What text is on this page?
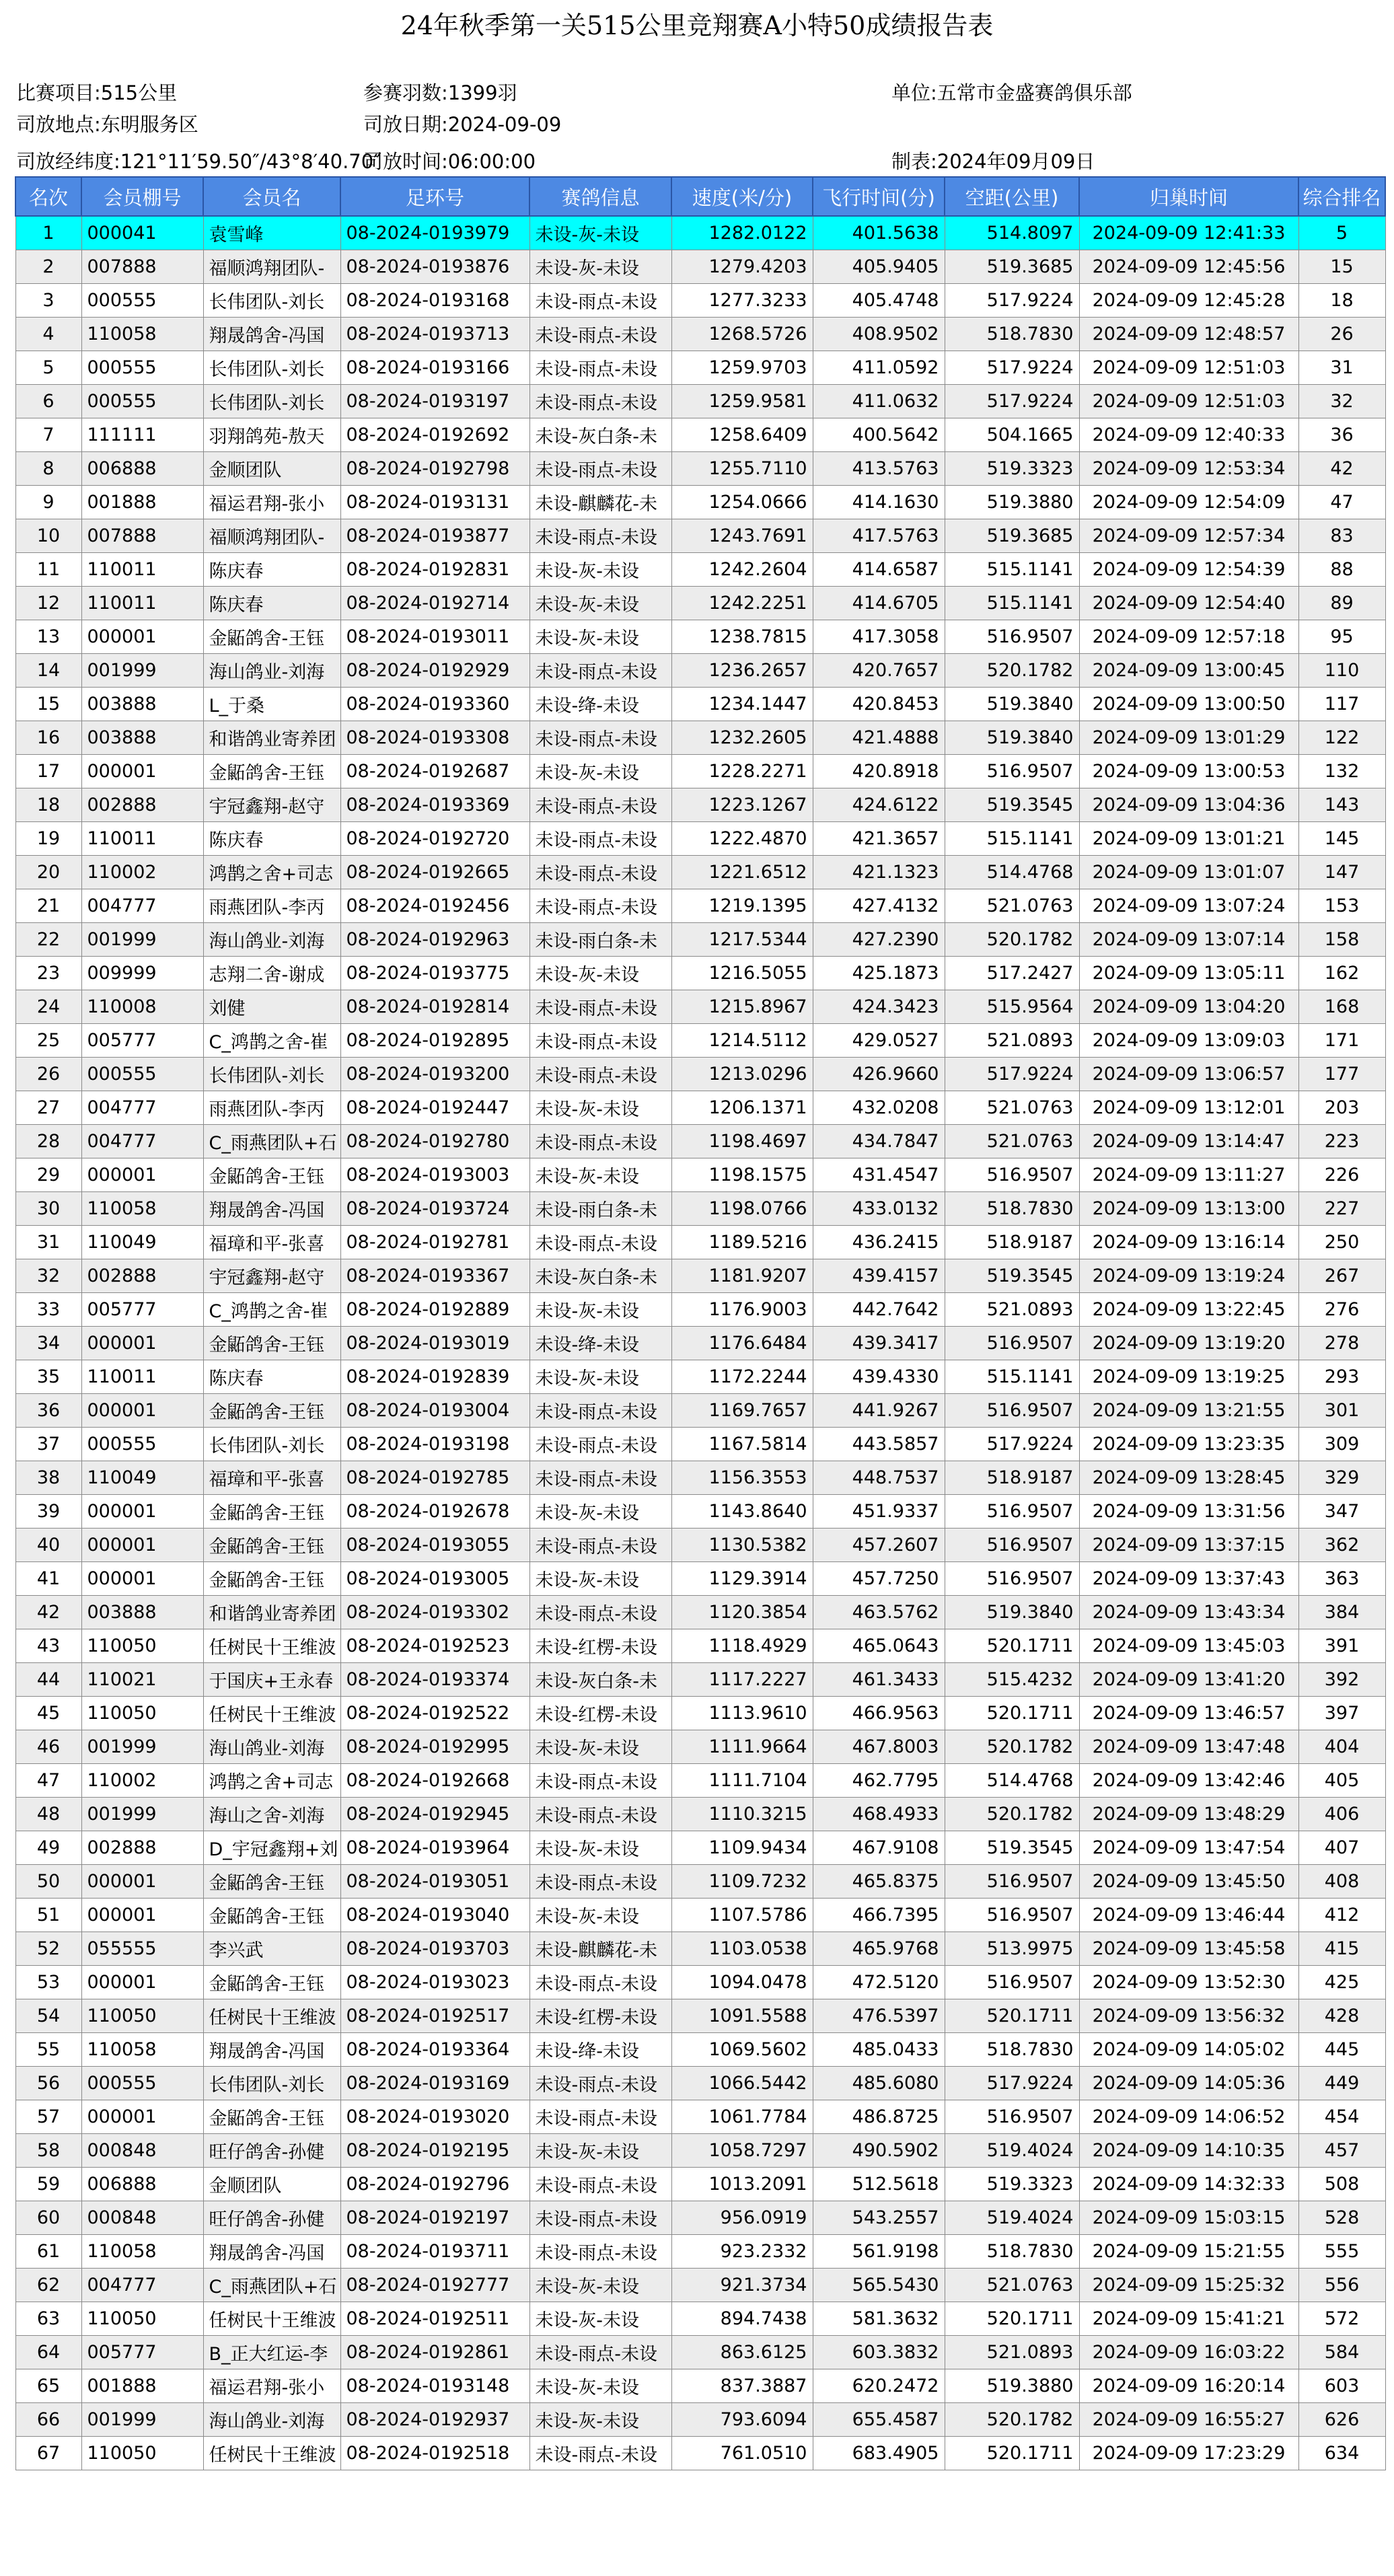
24年秋季第一关515公里竞翔赛A小特50成绩报告表
比赛项目:515公里	参赛羽数:1399羽	单位:五常市金盛赛鸽俱乐部
司放地点:东明服务区	司放日期:2024-09-09
司放经纬度:121°11′59.50″/43°8′40.70″
司放时间:06:00:00	制表:2024年09月09日
名次	会员棚号	会员名	足环号	赛鸽信息	速度(米/分)	飞行时间(分)	空距(公里)	归巢时间	综合排名
1	000041	袁雪峰	08-2024-0193979	未设-灰-未设	1282.0122	401.5638	514.8097	2024-09-09 12:41:33	5
2	007888	福顺鸿翔团队-	08-2024-0193876	未设-灰-未设	1279.4203	405.9405	519.3685	2024-09-09 12:45:56	15
3	000555	长伟团队-刘长	08-2024-0193168	未设-雨点-未设	1277.3233	405.4748	517.9224	2024-09-09 12:45:28	18
4	110058	翔晟鸽舍-冯国	08-2024-0193713	未设-雨点-未设	1268.5726	408.9502	518.7830	2024-09-09 12:48:57	26
5	000555	长伟团队-刘长	08-2024-0193166	未设-雨点-未设	1259.9703	411.0592	517.9224	2024-09-09 12:51:03	31
6	000555	长伟团队-刘长	08-2024-0193197	未设-雨点-未设	1259.9581	411.0632	517.9224	2024-09-09 12:51:03	32
7	111111	羽翔鸽苑-敖天	08-2024-0192692	未设-灰白条-未	1258.6409	400.5642	504.1665	2024-09-09 12:40:33	36
8	006888	金顺团队	08-2024-0192798	未设-雨点-未设	1255.7110	413.5763	519.3323	2024-09-09 12:53:34	42
9	001888	福运君翔-张小	08-2024-0193131	未设-麒麟花-未	1254.0666	414.1630	519.3880	2024-09-09 12:54:09	47
10	007888	福顺鸿翔团队-	08-2024-0193877	未设-雨点-未设	1243.7691	417.5763	519.3685	2024-09-09 12:57:34	83
11	110011	陈庆春	08-2024-0192831	未设-灰-未设	1242.2604	414.6587	515.1141	2024-09-09 12:54:39	88
12	110011	陈庆春	08-2024-0192714	未设-灰-未设	1242.2251	414.6705	515.1141	2024-09-09 12:54:40	89
13	000001	金鼫鸽舍-王钰	08-2024-0193011	未设-灰-未设	1238.7815	417.3058	516.9507	2024-09-09 12:57:18	95
14	001999	海山鸽业-刘海	08-2024-0192929	未设-雨点-未设	1236.2657	420.7657	520.1782	2024-09-09 13:00:45	110
15	003888	L_于桑	08-2024-0193360	未设-绛-未设	1234.1447	420.8453	519.3840	2024-09-09 13:00:50	117
16	003888	和谐鸽业寄养团	08-2024-0193308	未设-雨点-未设	1232.2605	421.4888	519.3840	2024-09-09 13:01:29	122
17	000001	金鼫鸽舍-王钰	08-2024-0192687	未设-灰-未设	1228.2271	420.8918	516.9507	2024-09-09 13:00:53	132
18	002888	宇冠鑫翔-赵守	08-2024-0193369	未设-雨点-未设	1223.1267	424.6122	519.3545	2024-09-09 13:04:36	143
19	110011	陈庆春	08-2024-0192720	未设-雨点-未设	1222.4870	421.3657	515.1141	2024-09-09 13:01:21	145
20	110002	鸿鹊之舍+司志	08-2024-0192665	未设-雨点-未设	1221.6512	421.1323	514.4768	2024-09-09 13:01:07	147
21	004777	雨燕团队-李丙	08-2024-0192456	未设-雨点-未设	1219.1395	427.4132	521.0763	2024-09-09 13:07:24	153
22	001999	海山鸽业-刘海	08-2024-0192963	未设-雨白条-未	1217.5344	427.2390	520.1782	2024-09-09 13:07:14	158
23	009999	志翔二舍-谢成	08-2024-0193775	未设-灰-未设	1216.5055	425.1873	517.2427	2024-09-09 13:05:11	162
24	110008	刘健	08-2024-0192814	未设-雨点-未设	1215.8967	424.3423	515.9564	2024-09-09 13:04:20	168
25	005777	C_鸿鹊之舍-崔	08-2024-0192895	未设-雨点-未设	1214.5112	429.0527	521.0893	2024-09-09 13:09:03	171
26	000555	长伟团队-刘长	08-2024-0193200	未设-雨点-未设	1213.0296	426.9660	517.9224	2024-09-09 13:06:57	177
27	004777	雨燕团队-李丙	08-2024-0192447	未设-灰-未设	1206.1371	432.0208	521.0763	2024-09-09 13:12:01	203
28	004777	C_雨燕团队+石	08-2024-0192780	未设-雨点-未设	1198.4697	434.7847	521.0763	2024-09-09 13:14:47	223
29	000001	金鼫鸽舍-王钰	08-2024-0193003	未设-灰-未设	1198.1575	431.4547	516.9507	2024-09-09 13:11:27	226
30	110058	翔晟鸽舍-冯国	08-2024-0193724	未设-雨白条-未	1198.0766	433.0132	518.7830	2024-09-09 13:13:00	227
31	110049	福璋和平-张喜	08-2024-0192781	未设-雨点-未设	1189.5216	436.2415	518.9187	2024-09-09 13:16:14	250
32	002888	宇冠鑫翔-赵守	08-2024-0193367	未设-灰白条-未	1181.9207	439.4157	519.3545	2024-09-09 13:19:24	267
33	005777	C_鸿鹊之舍-崔	08-2024-0192889	未设-灰-未设	1176.9003	442.7642	521.0893	2024-09-09 13:22:45	276
34	000001	金鼫鸽舍-王钰	08-2024-0193019	未设-绛-未设	1176.6484	439.3417	516.9507	2024-09-09 13:19:20	278
35	110011	陈庆春	08-2024-0192839	未设-灰-未设	1172.2244	439.4330	515.1141	2024-09-09 13:19:25	293
36	000001	金鼫鸽舍-王钰	08-2024-0193004	未设-雨点-未设	1169.7657	441.9267	516.9507	2024-09-09 13:21:55	301
37	000555	长伟团队-刘长	08-2024-0193198	未设-雨点-未设	1167.5814	443.5857	517.9224	2024-09-09 13:23:35	309
38	110049	福璋和平-张喜	08-2024-0192785	未设-雨点-未设	1156.3553	448.7537	518.9187	2024-09-09 13:28:45	329
39	000001	金鼫鸽舍-王钰	08-2024-0192678	未设-灰-未设	1143.8640	451.9337	516.9507	2024-09-09 13:31:56	347
40	000001	金鼫鸽舍-王钰	08-2024-0193055	未设-雨点-未设	1130.5382	457.2607	516.9507	2024-09-09 13:37:15	362
41	000001	金鼫鸽舍-王钰	08-2024-0193005	未设-灰-未设	1129.3914	457.7250	516.9507	2024-09-09 13:37:43	363
42	003888	和谐鸽业寄养团	08-2024-0193302	未设-雨点-未设	1120.3854	463.5762	519.3840	2024-09-09 13:43:34	384
43	110050	任树民十王维波	08-2024-0192523	未设-红楞-未设	1118.4929	465.0643	520.1711	2024-09-09 13:45:03	391
44	110021	于国庆+王永春	08-2024-0193374	未设-灰白条-未	1117.2227	461.3433	515.4232	2024-09-09 13:41:20	392
45	110050	任树民十王维波	08-2024-0192522	未设-红楞-未设	1113.9610	466.9563	520.1711	2024-09-09 13:46:57	397
46	001999	海山鸽业-刘海	08-2024-0192995	未设-灰-未设	1111.9664	467.8003	520.1782	2024-09-09 13:47:48	404
47	110002	鸿鹊之舍+司志	08-2024-0192668	未设-雨点-未设	1111.7104	462.7795	514.4768	2024-09-09 13:42:46	405
48	001999	海山之舍-刘海	08-2024-0192945	未设-雨点-未设	1110.3215	468.4933	520.1782	2024-09-09 13:48:29	406
49	002888	D_宇冠鑫翔+刘	08-2024-0193964	未设-灰-未设	1109.9434	467.9108	519.3545	2024-09-09 13:47:54	407
50	000001	金鼫鸽舍-王钰	08-2024-0193051	未设-雨点-未设	1109.7232	465.8375	516.9507	2024-09-09 13:45:50	408
51	000001	金鼫鸽舍-王钰	08-2024-0193040	未设-灰-未设	1107.5786	466.7395	516.9507	2024-09-09 13:46:44	412
52	055555	李兴武	08-2024-0193703	未设-麒麟花-未	1103.0538	465.9768	513.9975	2024-09-09 13:45:58	415
53	000001	金鼫鸽舍-王钰	08-2024-0193023	未设-雨点-未设	1094.0478	472.5120	516.9507	2024-09-09 13:52:30	425
54	110050	任树民十王维波	08-2024-0192517	未设-红楞-未设	1091.5588	476.5397	520.1711	2024-09-09 13:56:32	428
55	110058	翔晟鸽舍-冯国	08-2024-0193364	未设-绛-未设	1069.5602	485.0433	518.7830	2024-09-09 14:05:02	445
56	000555	长伟团队-刘长	08-2024-0193169	未设-雨点-未设	1066.5442	485.6080	517.9224	2024-09-09 14:05:36	449
57	000001	金鼫鸽舍-王钰	08-2024-0193020	未设-雨点-未设	1061.7784	486.8725	516.9507	2024-09-09 14:06:52	454
58	000848	旺仔鸽舍-孙健	08-2024-0192195	未设-灰-未设	1058.7297	490.5902	519.4024	2024-09-09 14:10:35	457
59	006888	金顺团队	08-2024-0192796	未设-雨点-未设	1013.2091	512.5618	519.3323	2024-09-09 14:32:33	508
60	000848	旺仔鸽舍-孙健	08-2024-0192197	未设-雨点-未设	956.0919	543.2557	519.4024	2024-09-09 15:03:15	528
61	110058	翔晟鸽舍-冯国	08-2024-0193711	未设-雨点-未设	923.2332	561.9198	518.7830	2024-09-09 15:21:55	555
62	004777	C_雨燕团队+石	08-2024-0192777	未设-灰-未设	921.3734	565.5430	521.0763	2024-09-09 15:25:32	556
63	110050	任树民十王维波	08-2024-0192511	未设-灰-未设	894.7438	581.3632	520.1711	2024-09-09 15:41:21	572
64	005777	B_正大红运-李	08-2024-0192861	未设-雨点-未设	863.6125	603.3832	521.0893	2024-09-09 16:03:22	584
65	001888	福运君翔-张小	08-2024-0193148	未设-灰-未设	837.3887	620.2472	519.3880	2024-09-09 16:20:14	603
66	001999	海山鸽业-刘海	08-2024-0192937	未设-灰-未设	793.6094	655.4587	520.1782	2024-09-09 16:55:27	626
67	110050	任树民十王维波	08-2024-0192518	未设-雨点-未设	761.0510	683.4905	520.1711	2024-09-09 17:23:29	634
